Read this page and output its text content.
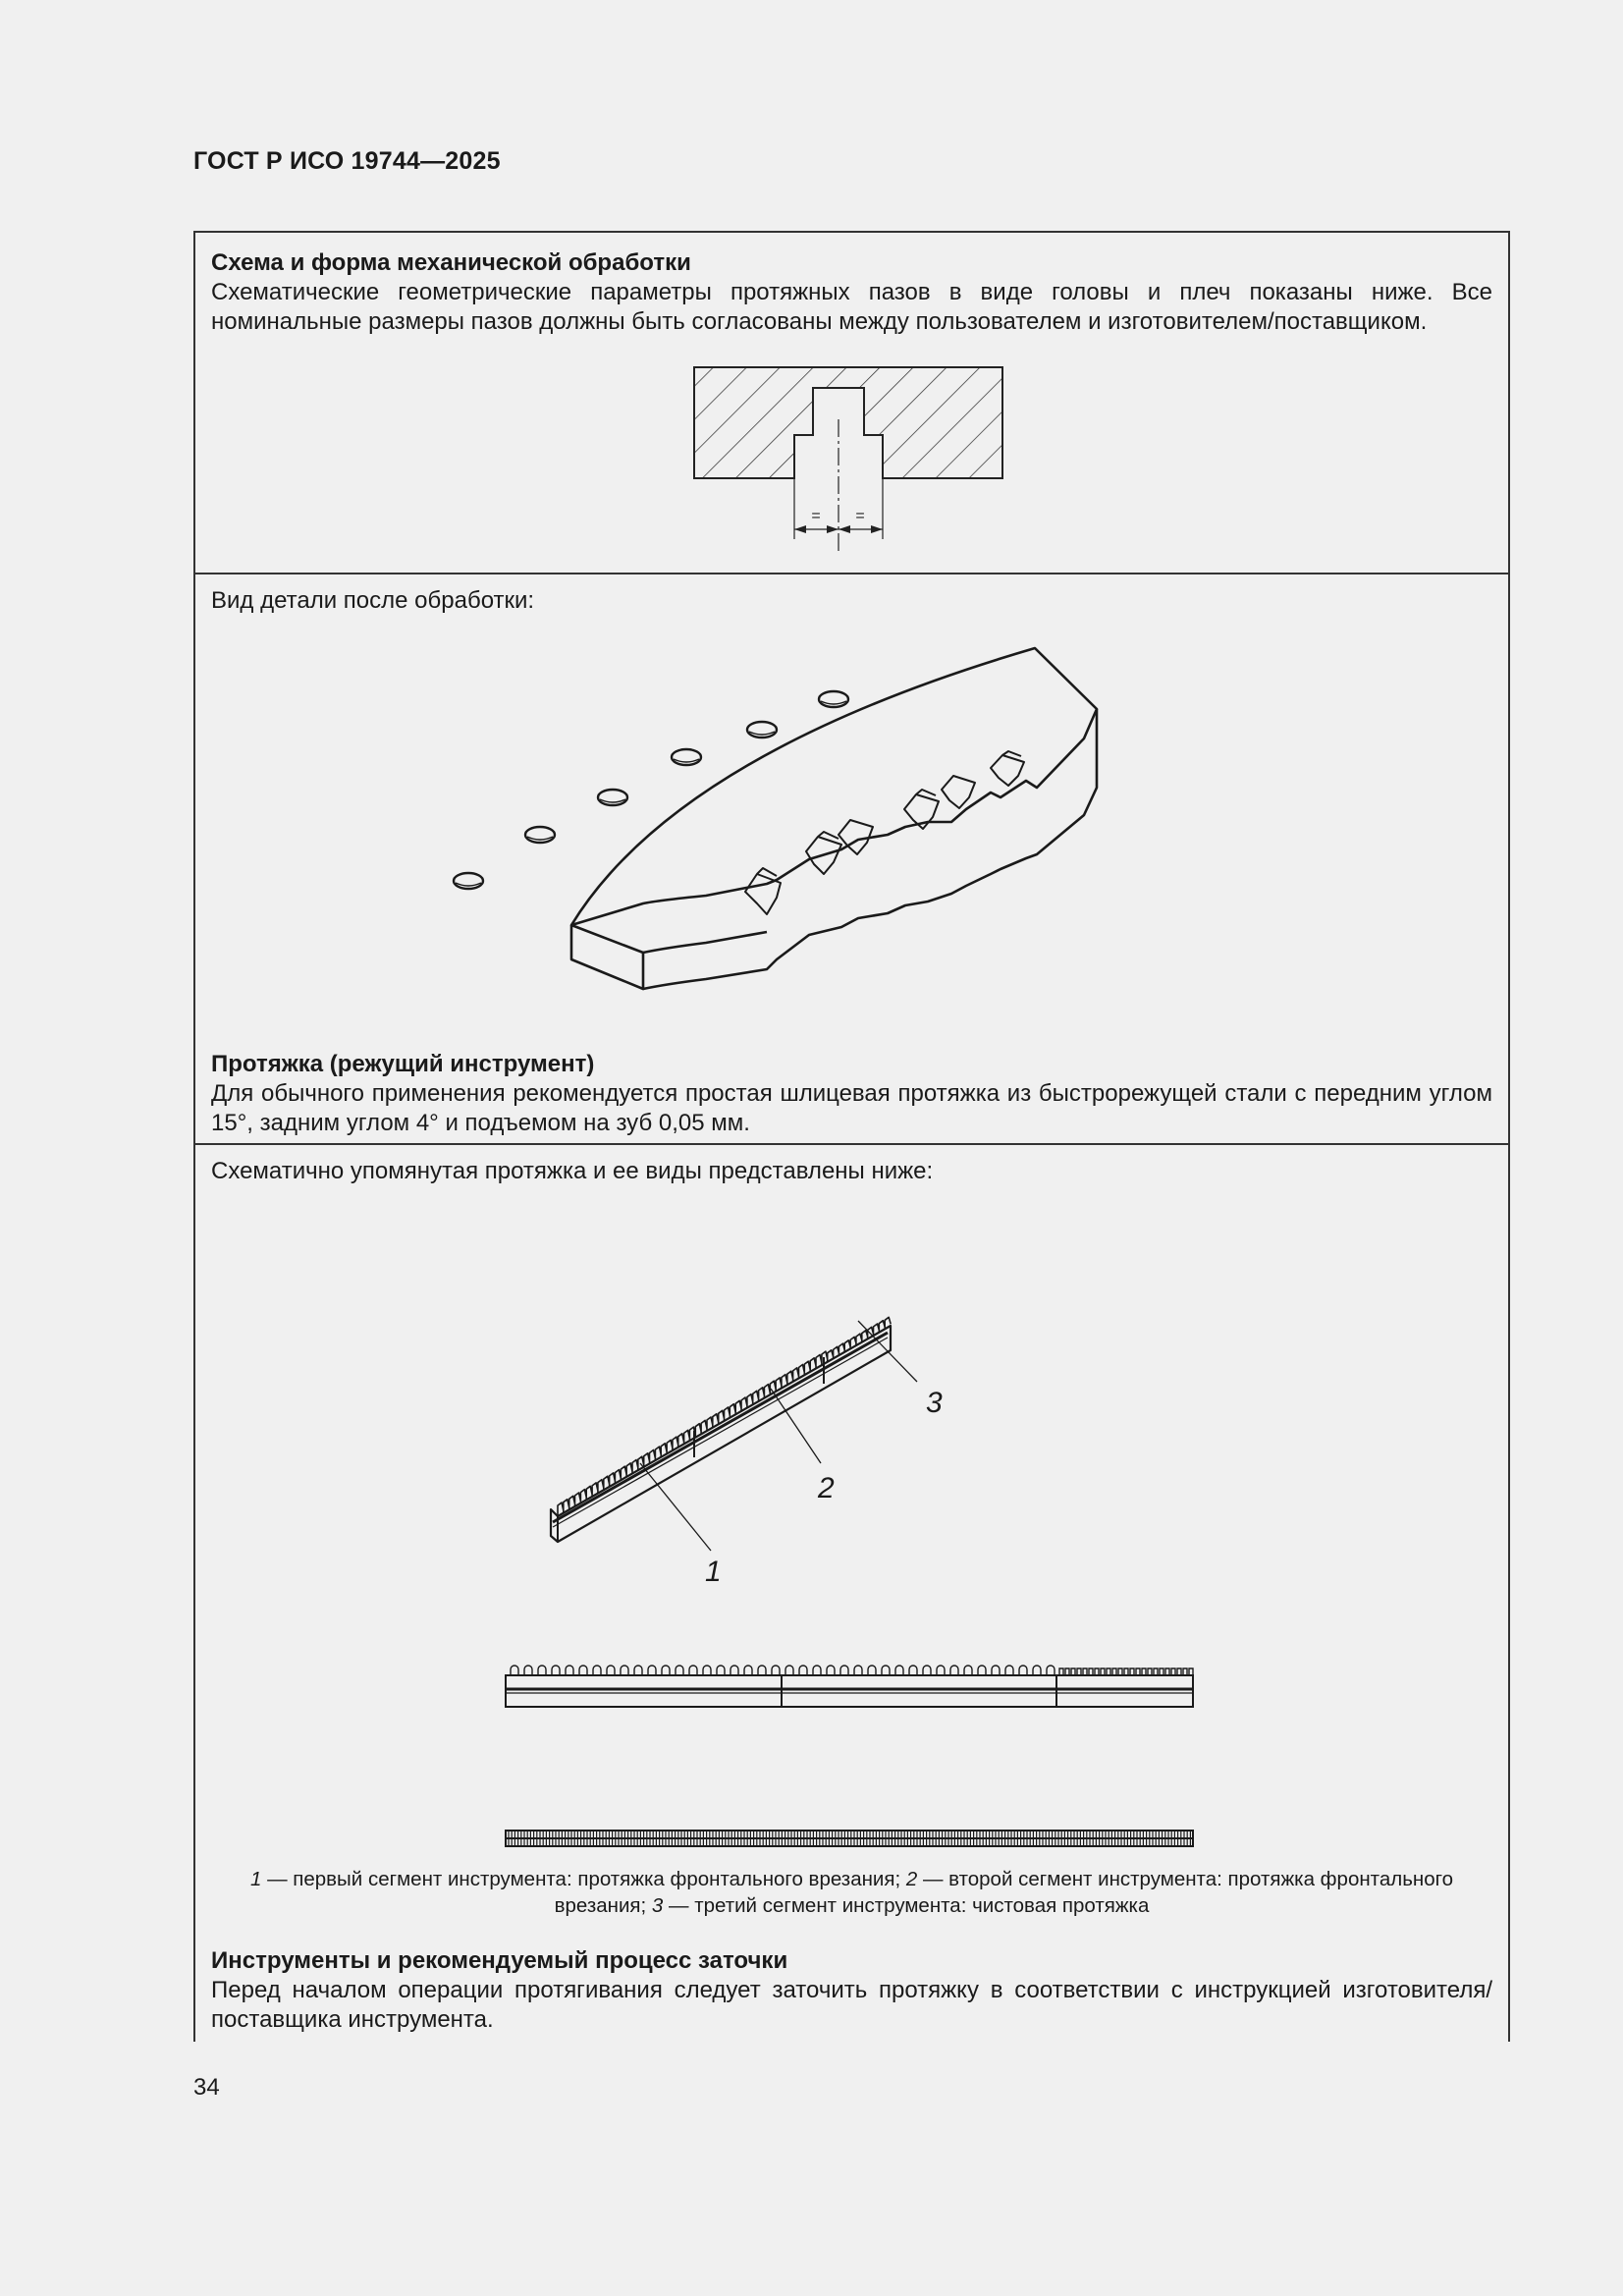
ГОСТ Р ИСО 19744—2025
Схема и форма механической обработки
Схематические геометрические параметры протяжных пазов в виде головы и плеч показаны ниже. Все номинальные размеры пазов должны быть согласованы между пользователем и изготовителем/поставщиком.
= =
Вид детали после обработки:
Протяжка (режущий инструмент)
Для обычного применения рекомендуется простая шлицевая протяжка из быстрорежущей стали с передним углом 15°, задним углом 4° и подъемом на зуб 0,05 мм.
Схематично упомянутая протяжка и ее виды представлены ниже:
1
2
3
1 — первый сегмент инструмента: протяжка фронтального врезания; 2 — второй сегмент инструмента: протяжка фронтального врезания; 3 — третий сегмент инструмента: чистовая протяжка
Инструменты и рекомендуемый процесс заточки
Перед началом операции протягивания следует заточить протяжку в соответствии с инструкцией изготовителя/поставщика инструмента.
34
